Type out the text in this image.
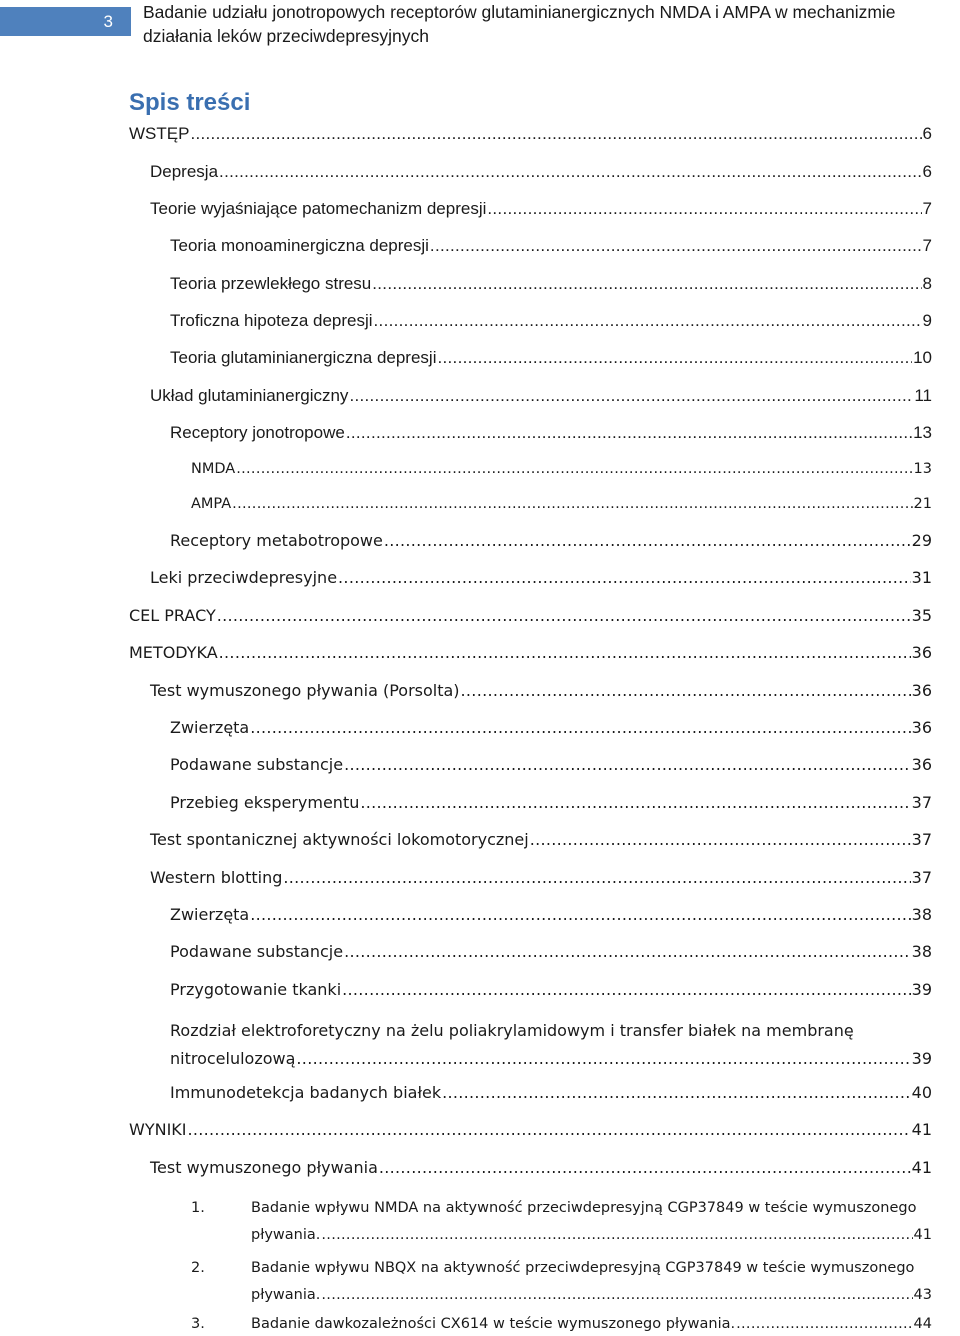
3	Badanie udziału jonotropowych receptorów glutaminianergicznych NMDA i AMPA w mechanizmie działania leków przeciwdepresyjnych
Spis treści
WSTĘP .....	6
Depresja .....	6
Teorie wyjaśniające patomechanizm depresji .....	7
Teoria monoaminergiczna depresji .....	7
Teoria przewlekłego stresu .....	8
Troficzna hipoteza depresji .....	9
Teoria glutaminianergiczna depresji .....	10
Układ glutaminianergiczny .....	11
Receptory jonotropowe .....	13
NMDA .....	13
AMPA .....	21
Receptory metabotropowe .....	29
Leki przeciwdepresyjne .....	31
CEL PRACY .....	35
METODYKA .....	36
Test wymuszonego pływania (Porsolta) .....	36
Zwierzęta .....	36
Podawane substancje .....	36
Przebieg eksperymentu .....	37
Test spontanicznej aktywności lokomotorycznej .....	37
Western blotting .....	37
Zwierzęta .....	38
Podawane substancje .....	38
Przygotowanie tkanki .....	39
Rozdział elektroforetyczny na żelu poliakrylamidowym i transfer białek na membranę
nitrocelulozową .....	39
Immunodetekcja badanych białek .....	40
WYNIKI .....	41
Test wymuszonego pływania .....	41
1.	Badanie wpływu NMDA na aktywność przeciwdepresyjną CGP37849 w teście wymuszonego
pływania. .....	41
2.	Badanie wpływu NBQX na aktywność przeciwdepresyjną CGP37849 w teście wymuszonego
pływania. .....	43
3.	Badanie dawkozależności CX614 w teście wymuszonego pływania. .....	44
